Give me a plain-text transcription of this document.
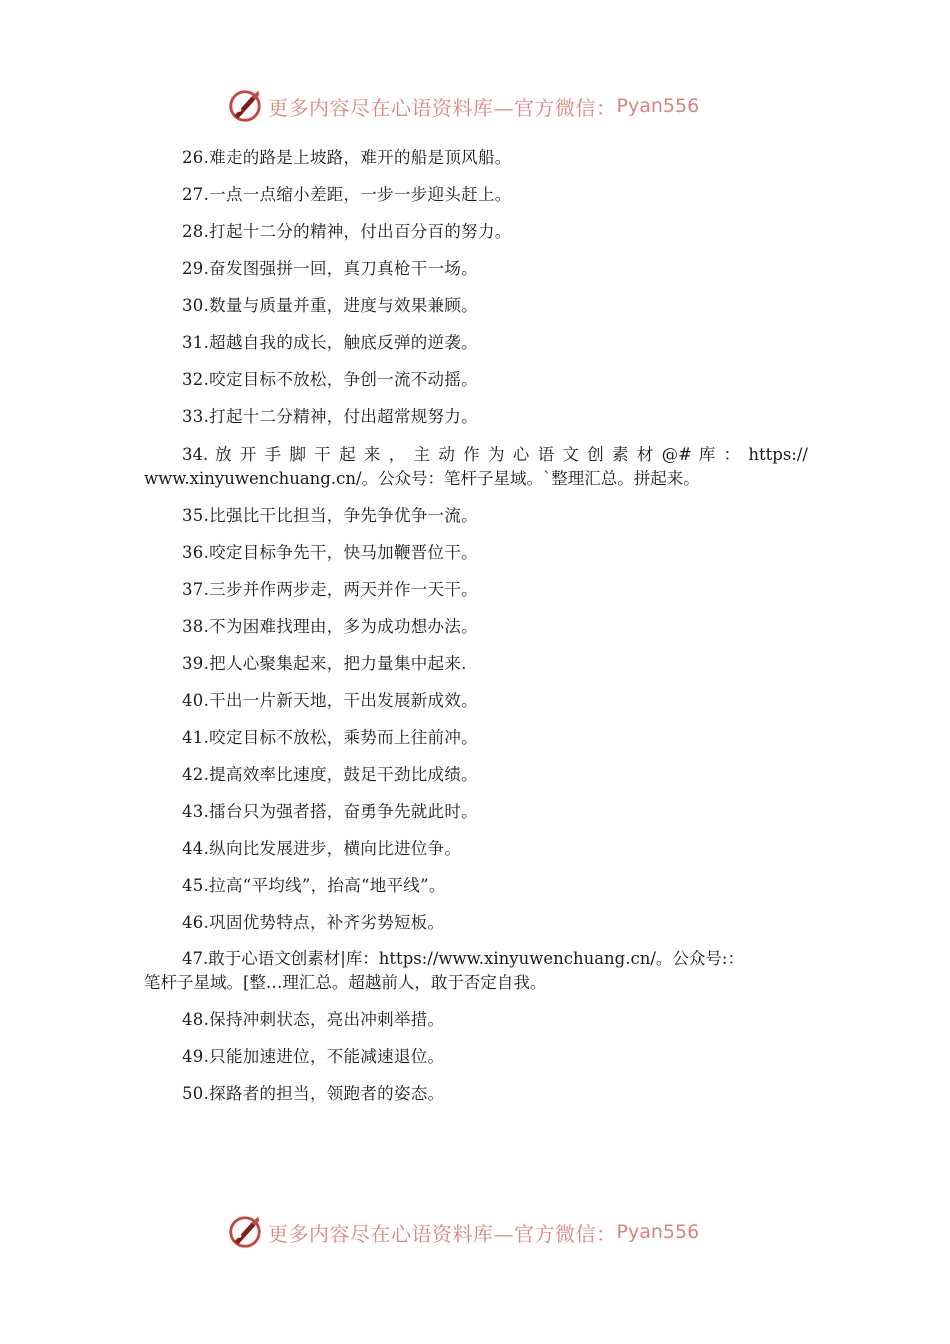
更多内容尽在心语资料库—官方微信： Pyan556
26.难走的路是上坡路，难开的船是顶风船。
27.一点一点缩小差距，一步一步迎头赶上。
28.打起十二分的精神，付出百分百的努力。
29.奋发图强拼一回，真刀真枪干一场。
30.数量与质量并重，进度与效果兼顾。
31.超越自我的成长，触底反弹的逆袭。
32.咬定目标不放松，争创一流不动摇。
33.打起十二分精神，付出超常规努力。
34. 放 开 手 脚 干 起 来 ， 主 动 作 为 心 语 文 创 素 材 @# 库 ： https://
www.xinyuwenchuang.cn/。公众号：笔杆子星域。`整理汇总。拼起来。
35.比强比干比担当，争先争优争一流。
36.咬定目标争先干，快马加鞭晋位干。
37.三步并作两步走，两天并作一天干。
38.不为困难找理由，多为成功想办法。
39.把人心聚集起来，把力量集中起来.
40.干出一片新天地，干出发展新成效。
41.咬定目标不放松，乘势而上往前冲。
42.提高效率比速度，鼓足干劲比成绩。
43.擂台只为强者搭，奋勇争先就此时。
44.纵向比发展进步，横向比进位争。
45.拉高“平均线”，抬高“地平线”。
46.巩固优势特点，补齐劣势短板。
47.敢于心语文创素材|库：https://www.xinyuwenchuang.cn/。公众号:：
笔杆子星域。[整…理汇总。超越前人，敢于否定自我。
48.保持冲刺状态，亮出冲刺举措。
49.只能加速进位，不能减速退位。
50.探路者的担当，领跑者的姿态。
更多内容尽在心语资料库—官方微信： Pyan556
